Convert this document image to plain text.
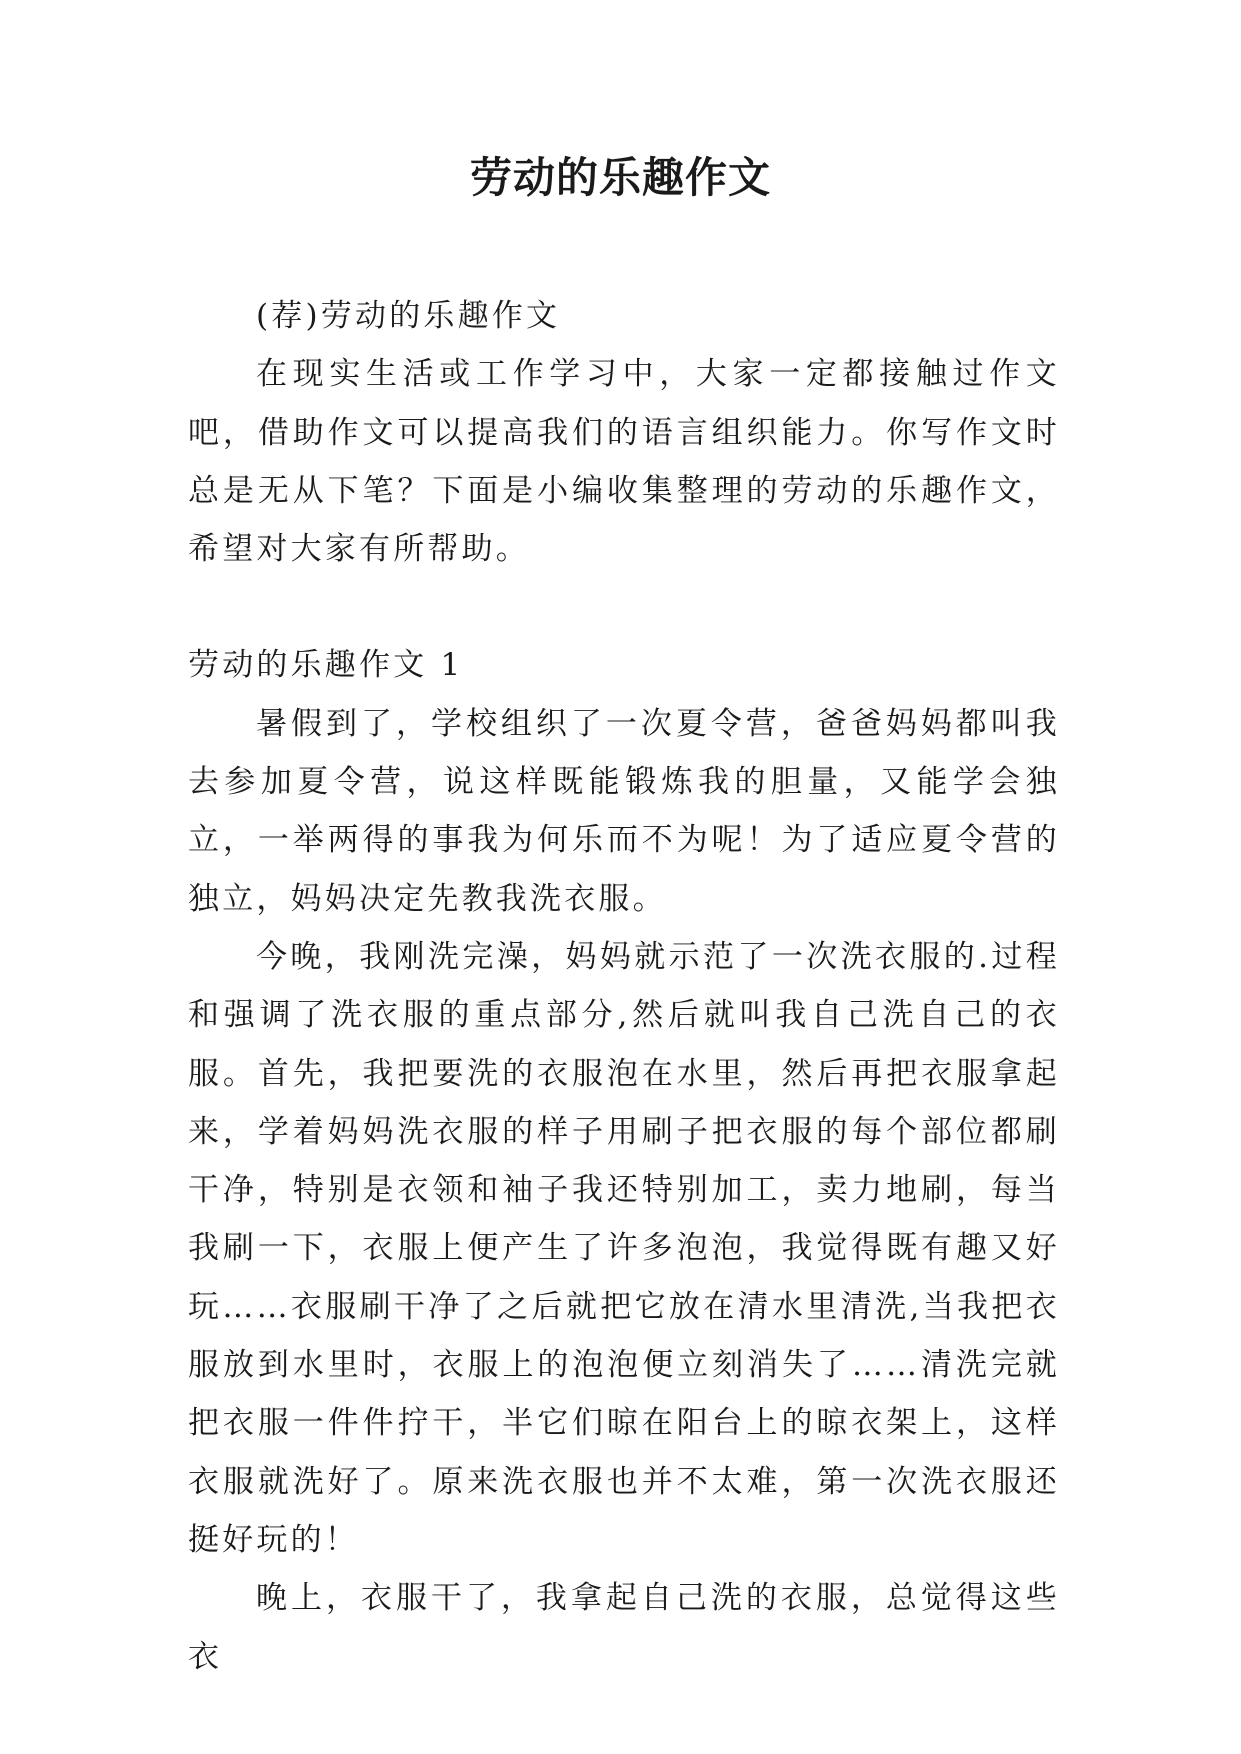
劳动的乐趣作文

(荐)劳动的乐趣作文

在现实生活或工作学习中，大家一定都接触过作文吧，借助作文可以提高我们的语言组织能力。你写作文时总是无从下笔？下面是小编收集整理的劳动的乐趣作文，希望对大家有所帮助。

劳动的乐趣作文 1

暑假到了，学校组织了一次夏令营，爸爸妈妈都叫我去参加夏令营，说这样既能锻炼我的胆量，又能学会独立，一举两得的事我为何乐而不为呢！为了适应夏令营的独立，妈妈决定先教我洗衣服。

今晚，我刚洗完澡，妈妈就示范了一次洗衣服的.过程和强调了洗衣服的重点部分,然后就叫我自己洗自己的衣服。首先，我把要洗的衣服泡在水里，然后再把衣服拿起来，学着妈妈洗衣服的样子用刷子把衣服的每个部位都刷干净，特别是衣领和袖子我还特别加工，卖力地刷，每当我刷一下，衣服上便产生了许多泡泡，我觉得既有趣又好玩……衣服刷干净了之后就把它放在清水里清洗,当我把衣服放到水里时，衣服上的泡泡便立刻消失了……清洗完就把衣服一件件拧干，半它们晾在阳台上的晾衣架上，这样衣服就洗好了。原来洗衣服也并不太难，第一次洗衣服还挺好玩的！

晚上，衣服干了，我拿起自己洗的衣服，总觉得这些衣
